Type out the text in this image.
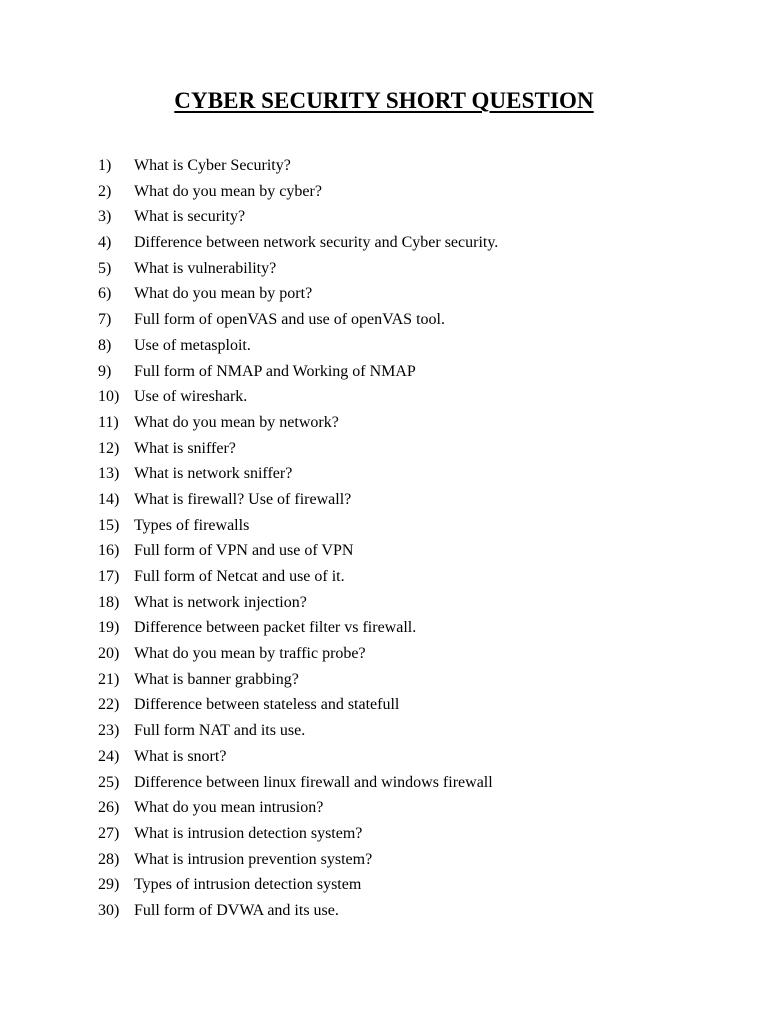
CYBER SECURITY SHORT QUESTION
1)	What is Cyber Security?
2)	What do you mean by cyber?
3)	What is security?
4)	Difference between network security and Cyber security.
5)	What is vulnerability?
6)	What do you mean by port?
7)	Full form of openVAS and use of openVAS tool.
8)	Use of metasploit.
9)	Full form of NMAP and Working of NMAP
10) Use of wireshark.
11) What do you mean by network?
12) What is sniffer?
13) What is network sniffer?
14) What is firewall? Use of firewall?
15) Types of firewalls
16) Full form of VPN and use of VPN
17) Full form of Netcat and use of it.
18) What is network injection?
19) Difference between packet filter vs firewall.
20) What do you mean by traffic probe?
21) What is banner grabbing?
22) Difference between stateless and statefull
23) Full form NAT and its use.
24) What is snort?
25) Difference between linux firewall and windows firewall
26) What do you mean intrusion?
27) What is intrusion detection system?
28) What is intrusion prevention system?
29) Types of intrusion detection system
30) Full form of DVWA and its use.
